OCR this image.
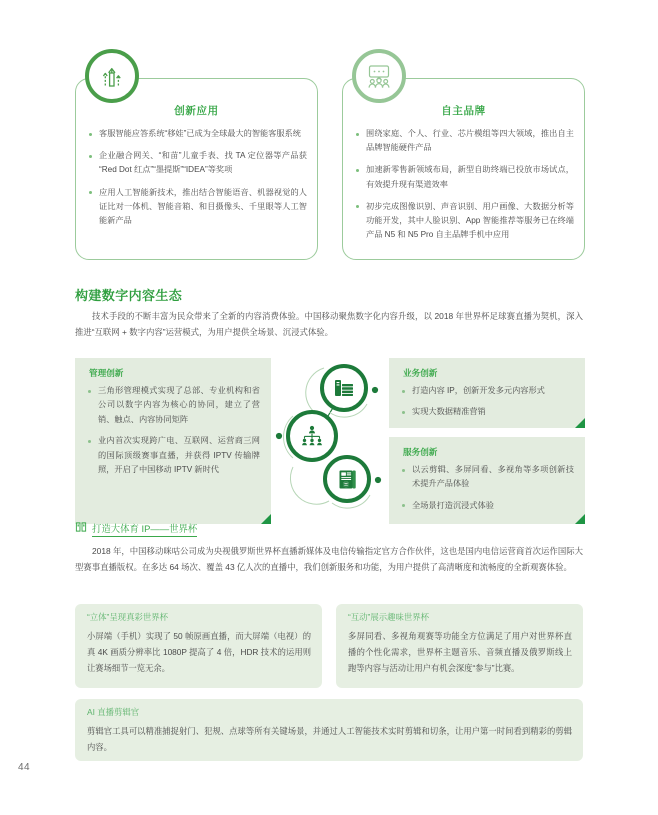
创新应用
客服智能应答系统“移娃”已成为全球最大的智能客服系统
企业融合网关、“和苗”儿童手表、找 TA 定位器等产品获 “Red Dot 红点”“墨提斯”“IDEA”等奖项
应用人工智能新技术，推出结合智能语音、机器视觉的人证比对一体机、智能音箱、和目摄像头、千里眼等人工智能新产品
自主品牌
围绕家庭、个人、行业、芯片模组等四大领域，推出自主品牌智能硬件产品
加速新零售新领域布局，新型自助终端已投放市场试点，有效提升现有渠道效率
初步完成图像识别、声音识别、用户画像、大数据分析等功能开发，其中人脸识别、App 智能推荐等服务已在终端产品 N5 和 N5 Pro 自主品牌手机中应用
构建数字内容生态
技术手段的不断丰富为民众带来了全新的内容消费体验。中国移动聚焦数字化内容升级，以 2018 年世界杯足球赛直播为契机，深入推进“互联网 + 数字内容”运营模式，为用户提供全场景、沉浸式体验。
管理创新
三角形管理模式实现了总部、专业机构和省公司以数字内容为核心的协同，建立了营销、触点、内容协同矩阵
业内首次实现跨广电、互联网、运营商三网的国际顶级赛事直播，并获得 IPTV 传输牌照，开启了中国移动 IPTV 新时代
业务创新
打造内容 IP，创新开发多元内容形式
实现大数据精准营销
服务创新
以云剪辑、多屏同看、多视角等多项创新技术提升产品体验
全场景打造沉浸式体验
打造大体育 IP——世界杯
2018 年，中国移动咪咕公司成为央视俄罗斯世界杯直播新媒体及电信传输指定官方合作伙伴，这也是国内电信运营商首次运作国际大型赛事直播版权。在多达 64 场次、覆盖 43 亿人次的直播中，我们创新服务和功能，为用户提供了高清晰度和流畅度的全新观赛体验。
“立体”呈现真彩世界杯
小屏端（手机）实现了 50 帧原画直播，而大屏端（电视）的真 4K 画质分辨率比 1080P 提高了 4 倍，HDR 技术的运用则让赛场细节一览无余。
“互动”展示趣味世界杯
多屏同看、多视角观赛等功能全方位满足了用户对世界杯直播的个性化需求，世界杯主题音乐、音频直播及俄罗斯线上跑等内容与活动让用户有机会深度“参与”比赛。
AI 直播剪辑官
剪辑官工具可以精准捕捉射门、犯规、点球等所有关键场景，并通过人工智能技术实时剪辑和切条，让用户第一时间看到精彩的剪辑内容。
44
